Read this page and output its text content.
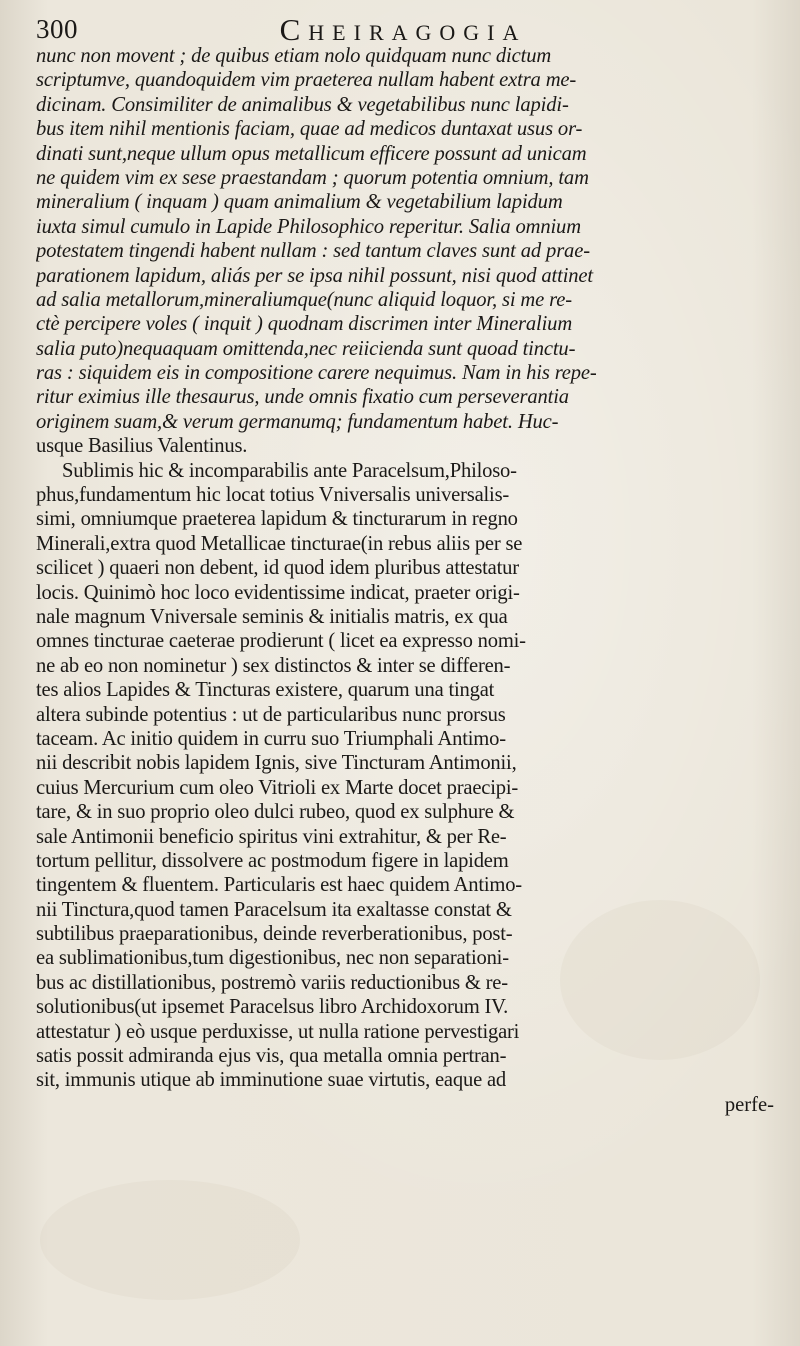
300	Cheiragogia
nunc non movent ; de quibus etiam nolo quidquam nunc dictum
scriptumve, quandoquidem vim praeterea nullam habent extra me-
dicinam. Consimiliter de animalibus & vegetabilibus nunc lapidi-
bus item nihil mentionis faciam, quae ad medicos duntaxat usus or-
dinati sunt,neque ullum opus metallicum efficere possunt ad unicam
ne quidem vim ex sese praestandam ; quorum potentia omnium, tam
mineralium ( inquam ) quam animalium & vegetabilium lapidum
iuxta simul cumulo in Lapide Philosophico reperitur. Salia omnium
potestatem tingendi habent nullam : sed tantum claves sunt ad prae-
parationem lapidum, aliás per se ipsa nihil possunt, nisi quod attinet
ad salia metallorum,mineraliumque(nunc aliquid loquor, si me re-
ctè percipere voles ( inquit ) quodnam discrimen inter Mineralium
salia puto)nequaquam omittenda,nec reiicienda sunt quoad tinctu-
ras : siquidem eis in compositione carere nequimus. Nam in his repe-
ritur eximius ille thesaurus, unde omnis fixatio cum perseverantia
originem suam,& verum germanumq; fundamentum habet. Huc-
usque Basilius Valentinus.
Sublimis hic & incomparabilis ante Paracelsum,Philoso-
phus,fundamentum hic locat totius Vniversalis universalis-
simi, omniumque praeterea lapidum & tincturarum in regno
Minerali,extra quod Metallicae tincturae(in rebus aliis per se
scilicet ) quaeri non debent, id quod idem pluribus attestatur
locis. Quinimò hoc loco evidentissime indicat, praeter origi-
nale magnum Vniversale seminis & initialis matris, ex qua
omnes tincturae caeterae prodierunt ( licet ea expresso nomi-
ne ab eo non nominetur ) sex distinctos & inter se differen-
tes alios Lapides & Tincturas existere, quarum una tingat
altera subinde potentius : ut de particularibus nunc prorsus
taceam. Ac initio quidem in curru suo Triumphali Antimo-
nii describit nobis lapidem Ignis, sive Tincturam Antimonii,
cuius Mercurium cum oleo Vitrioli ex Marte docet praecipi-
tare, & in suo proprio oleo dulci rubeo, quod ex sulphure &
sale Antimonii beneficio spiritus vini extrahitur, & per Re-
tortum pellitur, dissolvere ac postmodum figere in lapidem
tingentem & fluentem. Particularis est haec quidem Antimo-
nii Tinctura,quod tamen Paracelsum ita exaltasse constat &
subtilibus praeparationibus, deinde reverberationibus, post-
ea sublimationibus,tum digestionibus, nec non separationi-
bus ac distillationibus, postremò variis reductionibus & re-
solutionibus(ut ipsemet Paracelsus libro Archidoxorum IV.
attestatur ) eò usque perduxisse, ut nulla ratione pervestigari
satis possit admiranda ejus vis, qua metalla omnia pertran-
sit, immunis utique ab imminutione suae virtutis, eaque ad
perfe-
